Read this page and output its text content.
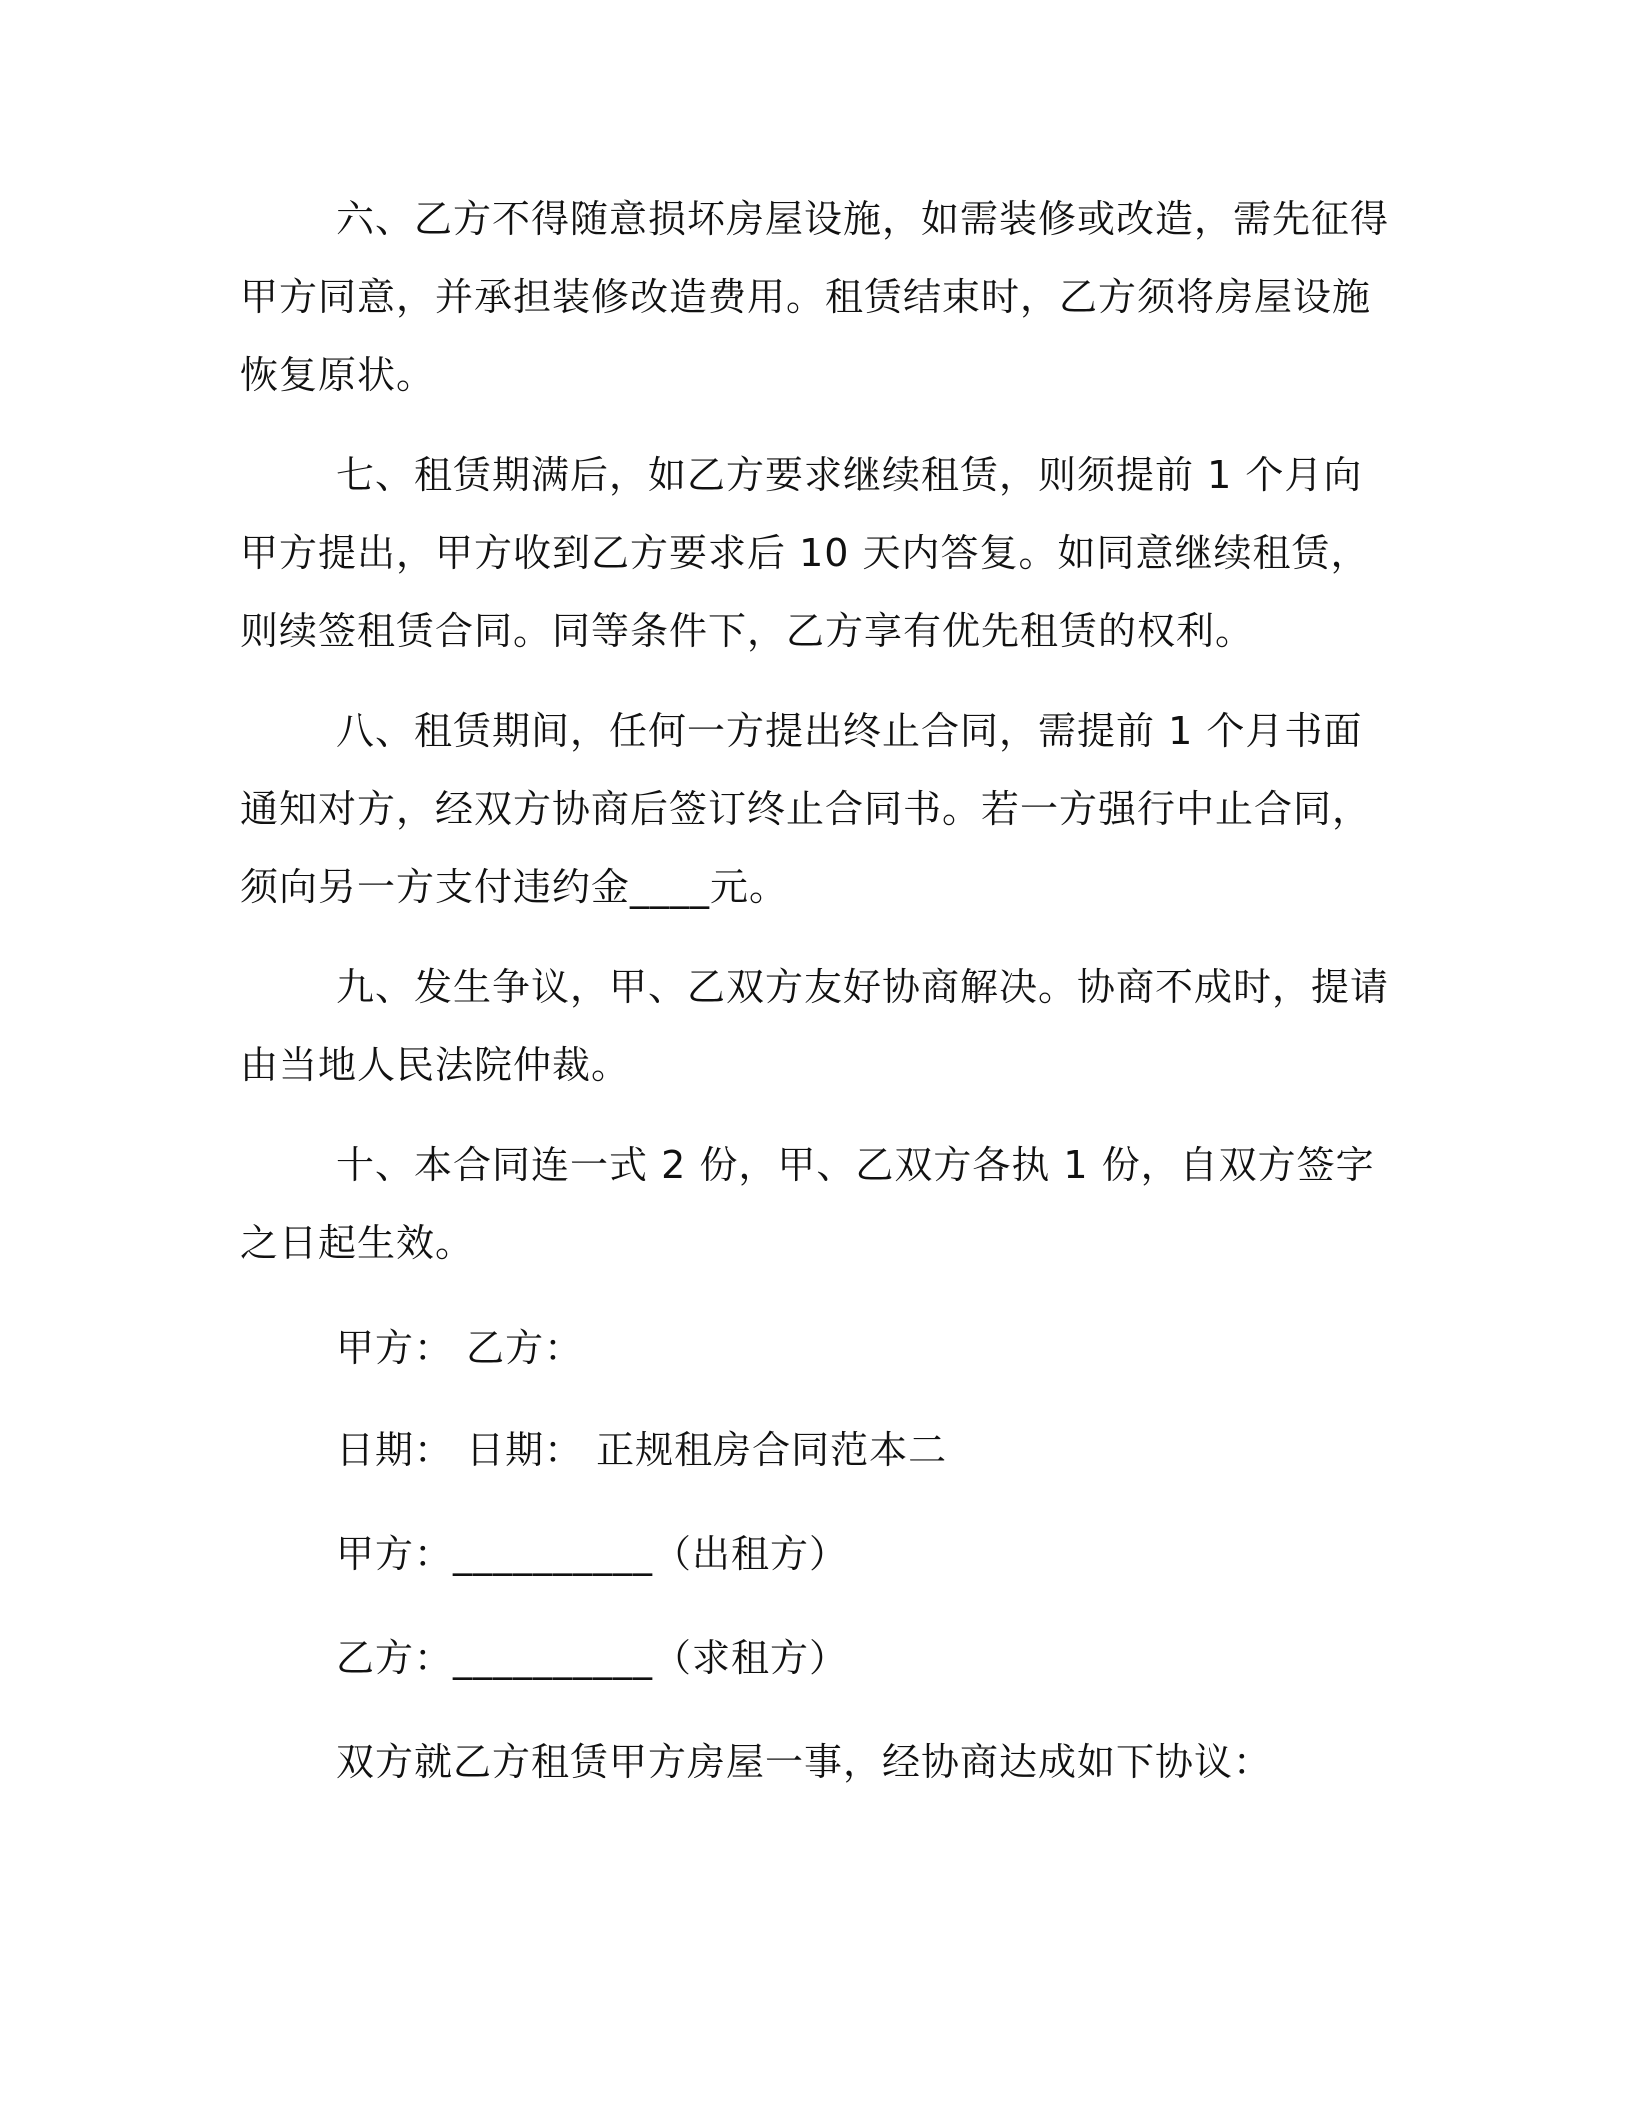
六、乙方不得随意损坏房屋设施，如需装修或改造，需先征得甲方同意，并承担装修改造费用。租赁结束时，乙方须将房屋设施恢复原状。

七、租赁期满后，如乙方要求继续租赁，则须提前 1 个月向甲方提出，甲方收到乙方要求后 10 天内答复。如同意继续租赁，则续签租赁合同。同等条件下，乙方享有优先租赁的权利。

八、租赁期间，任何一方提出终止合同，需提前 1 个月书面通知对方，经双方协商后签订终止合同书。若一方强行中止合同，须向另一方支付违约金____元。

九、发生争议，甲、乙双方友好协商解决。协商不成时，提请由当地人民法院仲裁。

十、本合同连一式 2 份，甲、乙双方各执 1 份，自双方签字之日起生效。

甲方： 乙方：

日期： 日期： 正规租房合同范本二

甲方：__________（出租方）

乙方：__________（求租方）

双方就乙方租赁甲方房屋一事，经协商达成如下协议：
